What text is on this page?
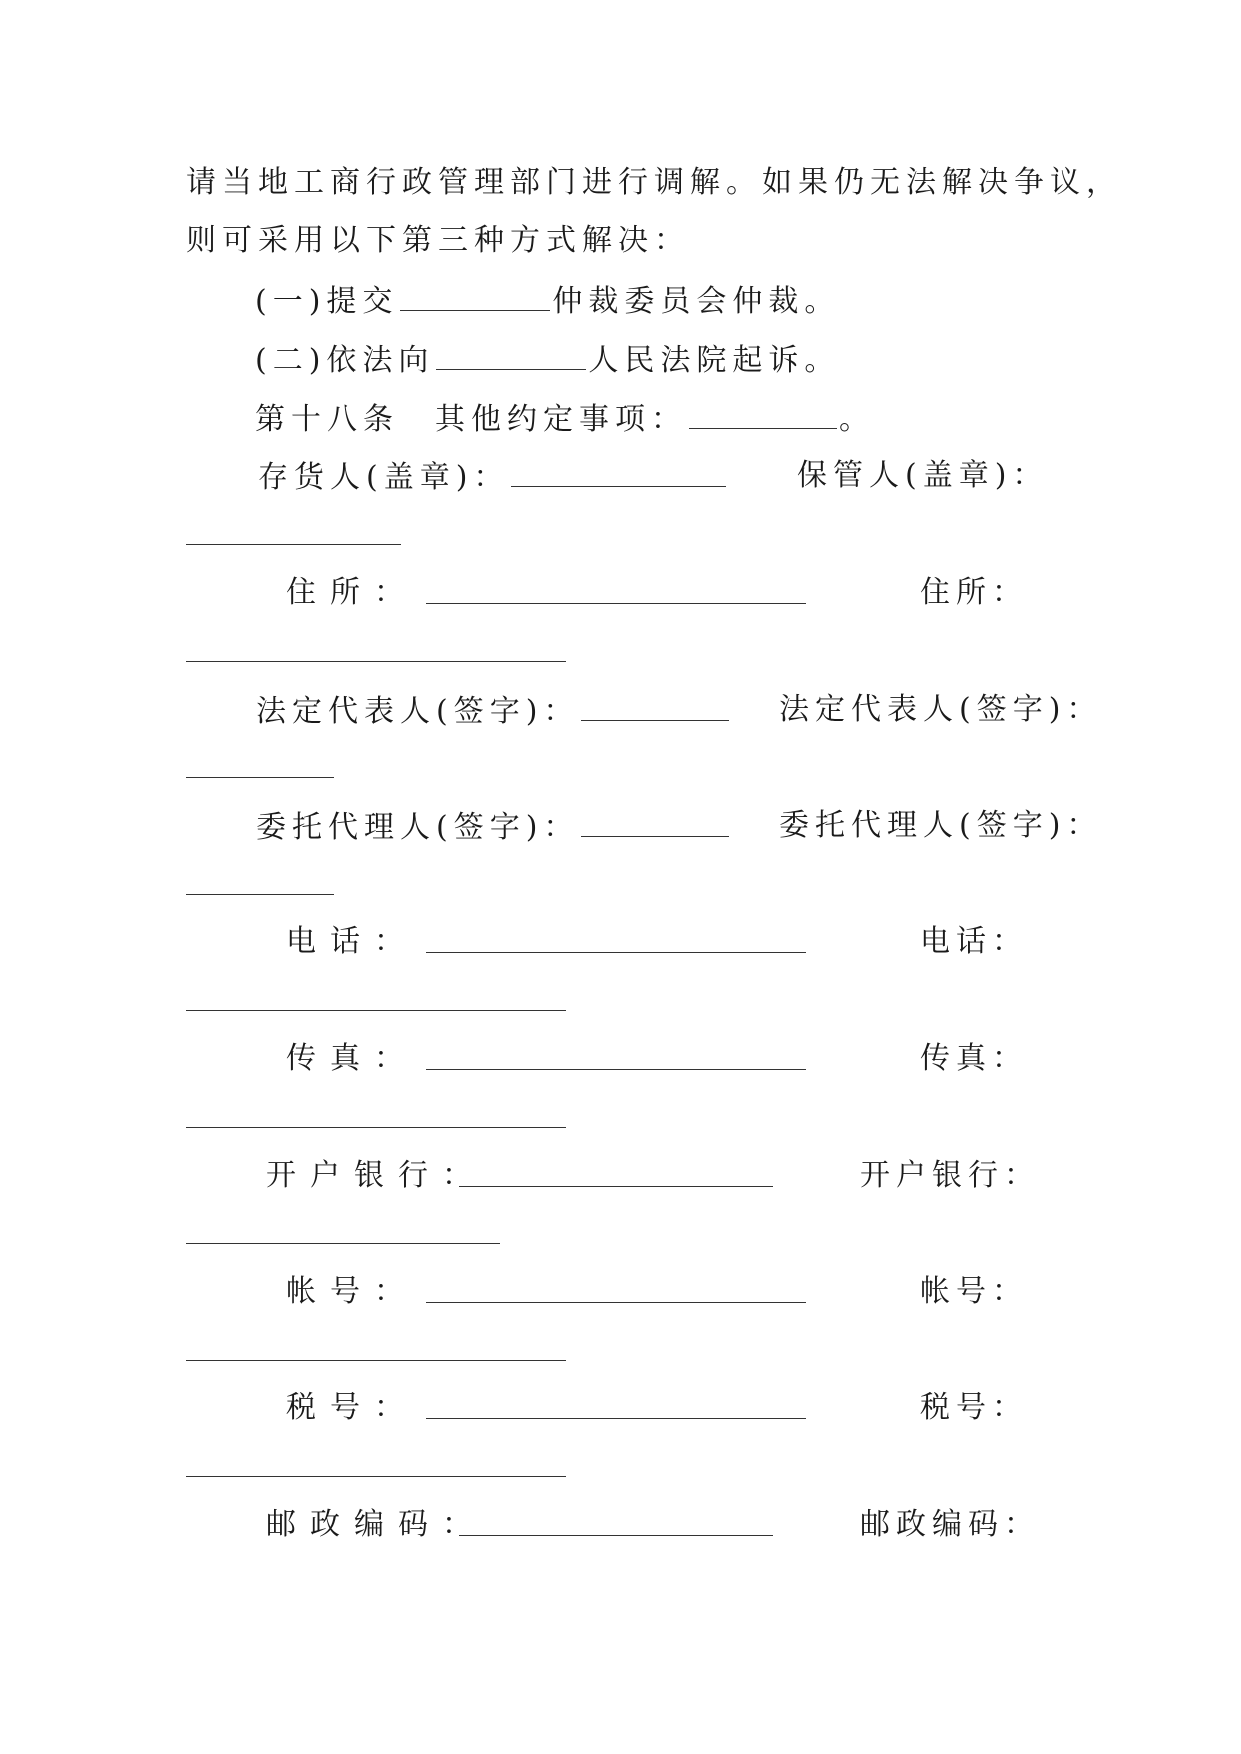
请当地工商行政管理部门进行调解。如果仍无法解决争议，
则可采用以下第三种方式解决：
(一)提交	仲裁委员会仲裁。
(二)依法向	人民法院起诉。
第十八条 其他约定事项：	。
存货人(盖章)：	保管人(盖章)：
住所：	住所：
法定代表人(签字)：	法定代表人(签字)：
委托代理人(签字)：	委托代理人(签字)：
电话：	电话：
传真：	传真：
开户银行：	开户银行：
帐号：	帐号：
税号：	税号：
邮政编码：	邮政编码：
